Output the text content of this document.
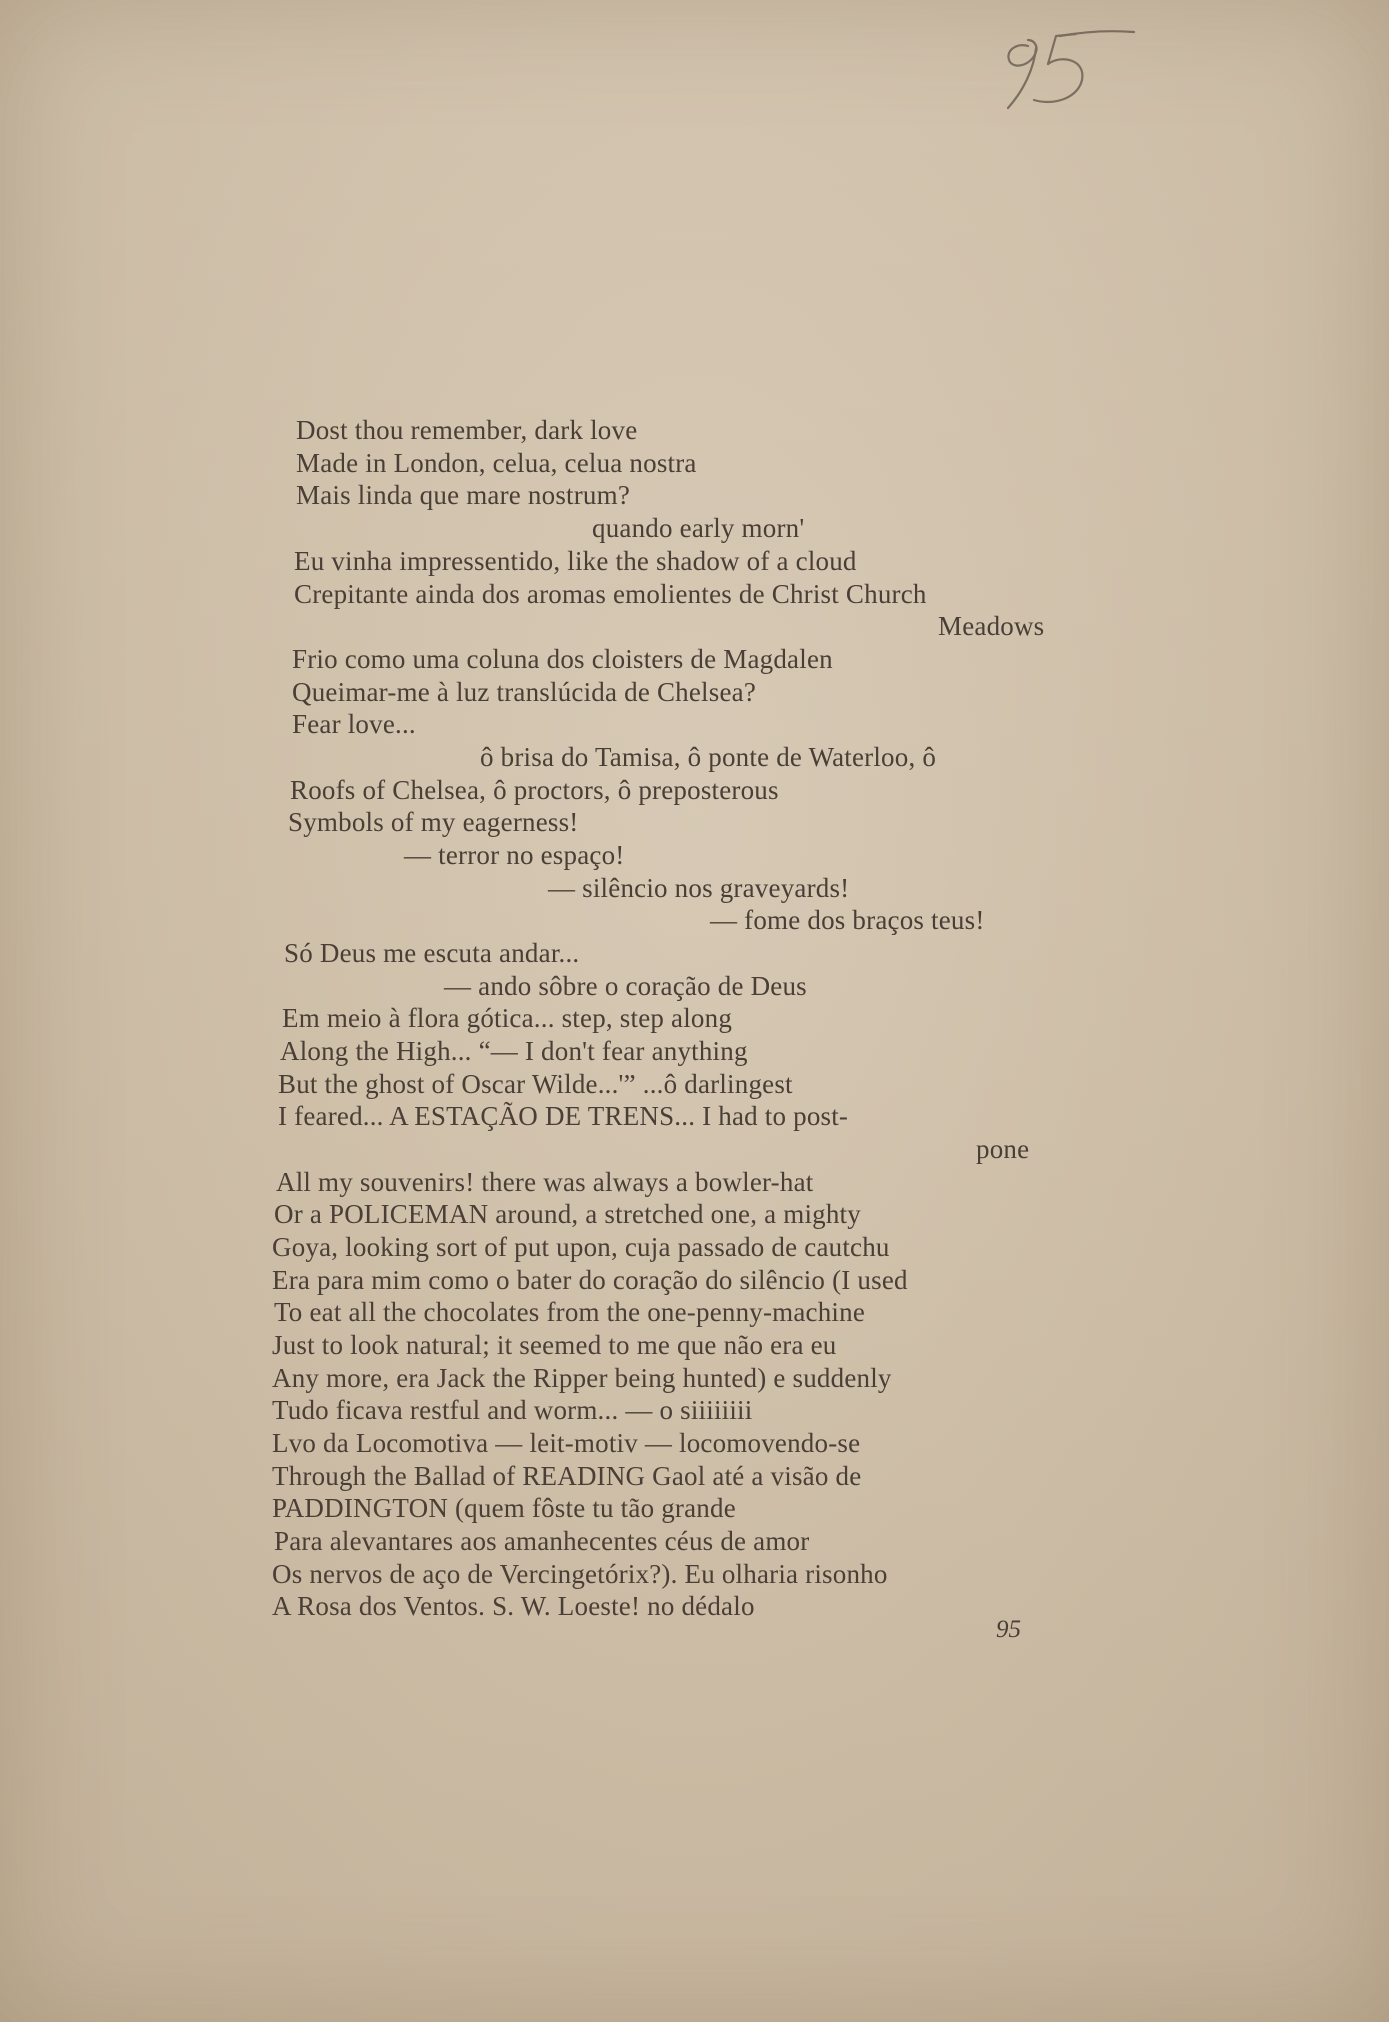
Dost thou remember, dark love
Made in London, celua, celua nostra
Mais linda que mare nostrum?
quando early morn'
Eu vinha impressentido, like the shadow of a cloud
Crepitante ainda dos aromas emolientes de Christ Church
Meadows
Frio como uma coluna dos cloisters de Magdalen
Queimar-me à luz translúcida de Chelsea?
Fear love...
ô brisa do Tamisa, ô ponte de Waterloo, ô
Roofs of Chelsea, ô proctors, ô preposterous
Symbols of my eagerness!
— terror no espaço!
— silêncio nos graveyards!
— fome dos braços teus!
Só Deus me escuta andar...
— ando sôbre o coração de Deus
Em meio à flora gótica... step, step along
Along the High... “— I don't fear anything
But the ghost of Oscar Wilde...'” ...ô darlingest
I feared... A ESTAÇÃO DE TRENS... I had to post-
pone
All my souvenirs! there was always a bowler-hat
Or a POLICEMAN around, a stretched one, a mighty
Goya, looking sort of put upon, cuja passado de cautchu
Era para mim como o bater do coração do silêncio (I used
To eat all the chocolates from the one-penny-machine
Just to look natural; it seemed to me que não era eu
Any more, era Jack the Ripper being hunted) e suddenly
Tudo ficava restful and worm... — o siiiiiiii
Lvo da Locomotiva — leit-motiv — locomovendo-se
Through the Ballad of READING Gaol até a visão de
PADDINGTON (quem fôste tu tão grande
Para alevantares aos amanhecentes céus de amor
Os nervos de aço de Vercingetórix?). Eu olharia risonho
A Rosa dos Ventos. S. W. Loeste! no dédalo
95
